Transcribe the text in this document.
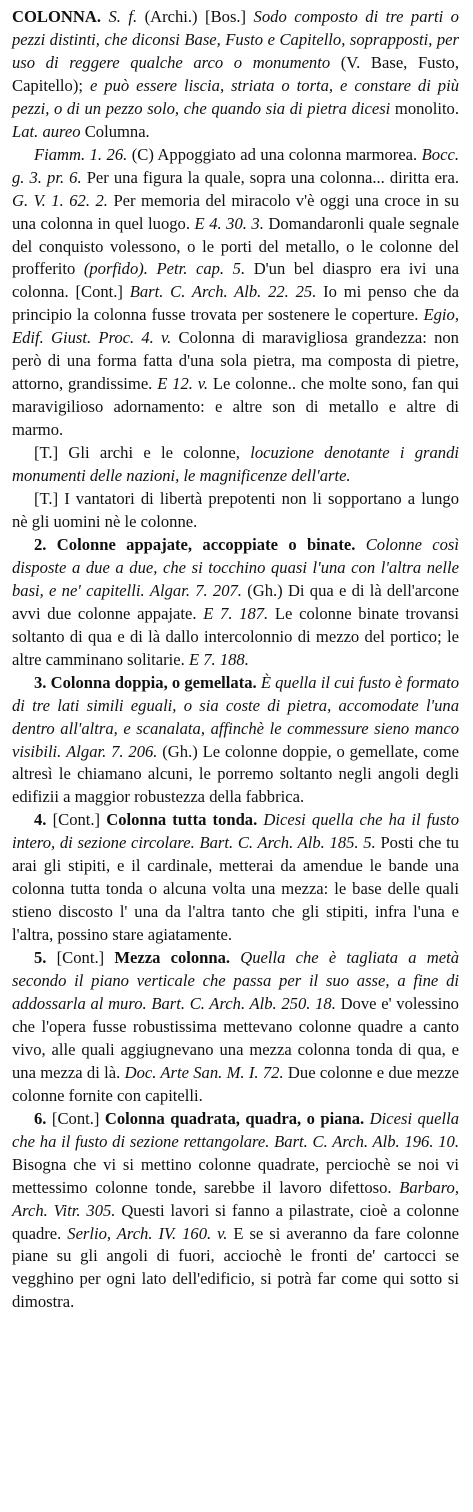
COLONNA. S. f. (Archi.) [Bos.] Sodo composto di tre parti o pezzi distinti, che diconsi Base, Fusto e Capitello, soprapposti, per uso di reggere qualche arco o monumento (V. Base, Fusto, Capitello); e può essere liscia, striata o torta, e constare di più pezzi, o di un pezzo solo, che quando sia di pietra dicesi monolito. Lat. aureo Columna.

Fiamm. 1. 26. (C) Appoggiato ad una colonna marmorea. Bocc. g. 3. pr. 6. Per una figura la quale, sopra una colonna... diritta era. G. V. 1. 62. 2. Per memoria del miracolo v'è oggi una croce in su una colonna in quel luogo. E 4. 30. 3. Domandaronli quale segnale del conquisto volessono, o le porti del metallo, o le colonne del profferito (porfido). Petr. cap. 5. D'un bel diaspro era ivi una colonna. [Cont.] Bart. C. Arch. Alb. 22. 25. Io mi penso che da principio la colonna fusse trovata per sostenere le coperture. Egio, Edif. Giust. Proc. 4. v. Colonna di maravigliosa grandezza: non però di una forma fatta d'una sola pietra, ma composta di pietre, attorno, grandissime. E 12. v. Le colonne.. che molte sono, fan qui maravigilioso adornamento: e altre son di metallo e altre di marmo.

[T.] Gli archi e le colonne, locuzione denotante i grandi monumenti delle nazioni, le magnificenze dell'arte.

[T.] I vantatori di libertà prepotenti non li sopportano a lungo nè gli uomini nè le colonne.

2. Colonne appajate, accoppiate o binate. Colonne così disposte a due a due, che si tocchino quasi l'una con l'altra nelle basi, e ne' capitelli. Algar. 7. 207. (Gh.) Di qua e di là dell'arcone avvi due colonne appajate. E 7. 187. Le colonne binate trovansi soltanto di qua e di là dallo intercolonnio di mezzo del portico; le altre camminano solitarie. E 7. 188.

3. Colonna doppia, o gemellata. È quella il cui fusto è formato di tre lati simili eguali, o sia coste di pietra, accomodate l'una dentro all'altra, e scanalata, affinchè le commessure sieno manco visibili. Algar. 7. 206. (Gh.) Le colonne doppie, o gemellate, come altresì le chiamano alcuni, le porremo soltanto negli angoli degli edifizii a maggior robustezza della fabbrica.

4. [Cont.] Colonna tutta tonda. Dicesi quella che ha il fusto intero, di sezione circolare. Bart. C. Arch. Alb. 185. 5. Posti che tu arai gli stipiti, e il cardinale, metterai da amendue le bande una colonna tutta tonda o alcuna volta una mezza: le base delle quali stieno discosto l' una da l'altra tanto che gli stipiti, infra l'una e l'altra, possino stare agiatamente.

5. [Cont.] Mezza colonna. Quella che è tagliata a metà secondo il piano verticale che passa per il suo asse, a fine di addossarla al muro. Bart. C. Arch. Alb. 250. 18. Dove e' volessino che l'opera fusse robustissima mettevano colonne quadre a canto vivo, alle quali aggiugnevano una mezza colonna tonda di qua, e una mezza di là. Doc. Arte San. M. I. 72. Due colonne e due mezze colonne fornite con capitelli.

6. [Cont.] Colonna quadrata, quadra, o piana. Dicesi quella che ha il fusto di sezione rettangolare. Bart. C. Arch. Alb. 196. 10. Bisogna che vi si mettino colonne quadrate, perciochè se noi vi mettessimo colonne tonde, sarebbe il lavoro difettoso. Barbaro, Arch. Vitr. 305. Questi lavori si fanno a pilastrate, cioè a colonne quadre. Serlio, Arch. IV. 160. v. E se si averanno da fare colonne piane su gli angoli di fuori, acciochè le fronti de' cartocci se vegghino per ogni lato dell'edificio, si potrà far come qui sotto si dimostra.
